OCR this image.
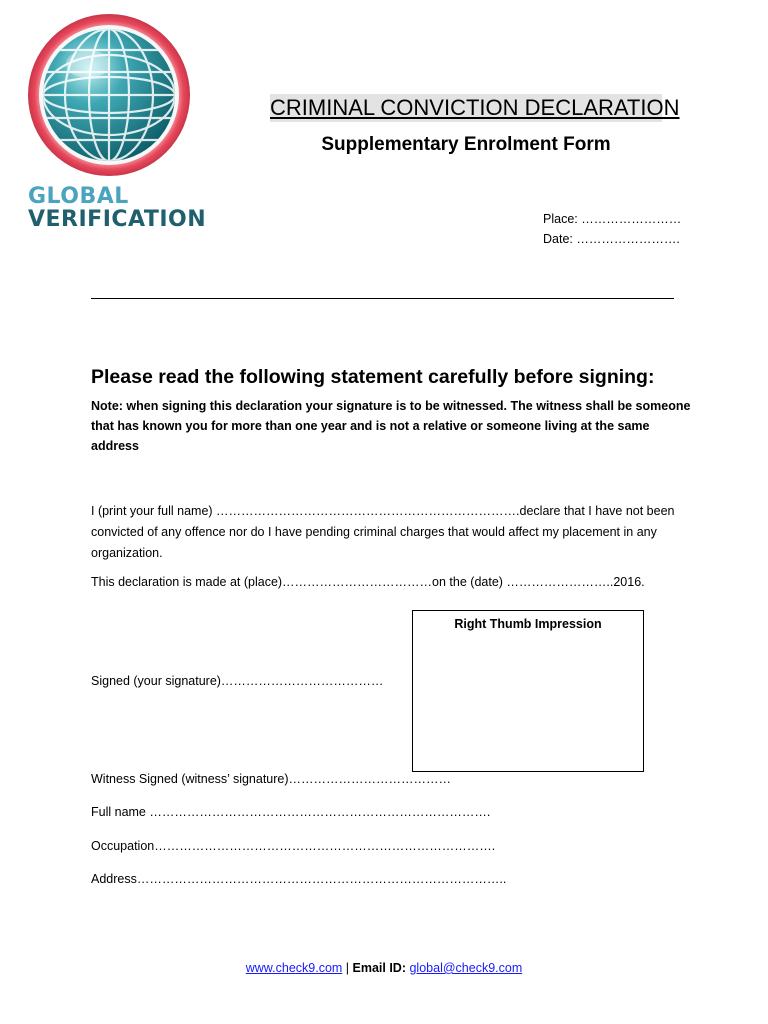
GLOBAL
VERIFICATION
CRIMINAL CONVICTION DECLARATION
Supplementary Enrolment Form
Place: ……………………
Date: …………………….
Please read the following statement carefully before signing:
Note: when signing this declaration your signature is to be witnessed. The witness shall be someone that has known you for more than one year and is not a relative or someone living at the same address
I (print your full name) ……………………………………………………………….declare that I have not been convicted of any offence nor do I have pending criminal charges that would affect my placement in any organization.
This declaration is made at (place)………………………………on the (date) ……………………..2016.
Right Thumb Impression
Signed (your signature)…………………………………
Witness Signed (witness’ signature)…………………………………
Full name ……………………………………………………………………….
Occupation……………………………………………………………………….
Address……………………………………………………………………………..
www.check9.com | Email ID: global@check9.com
